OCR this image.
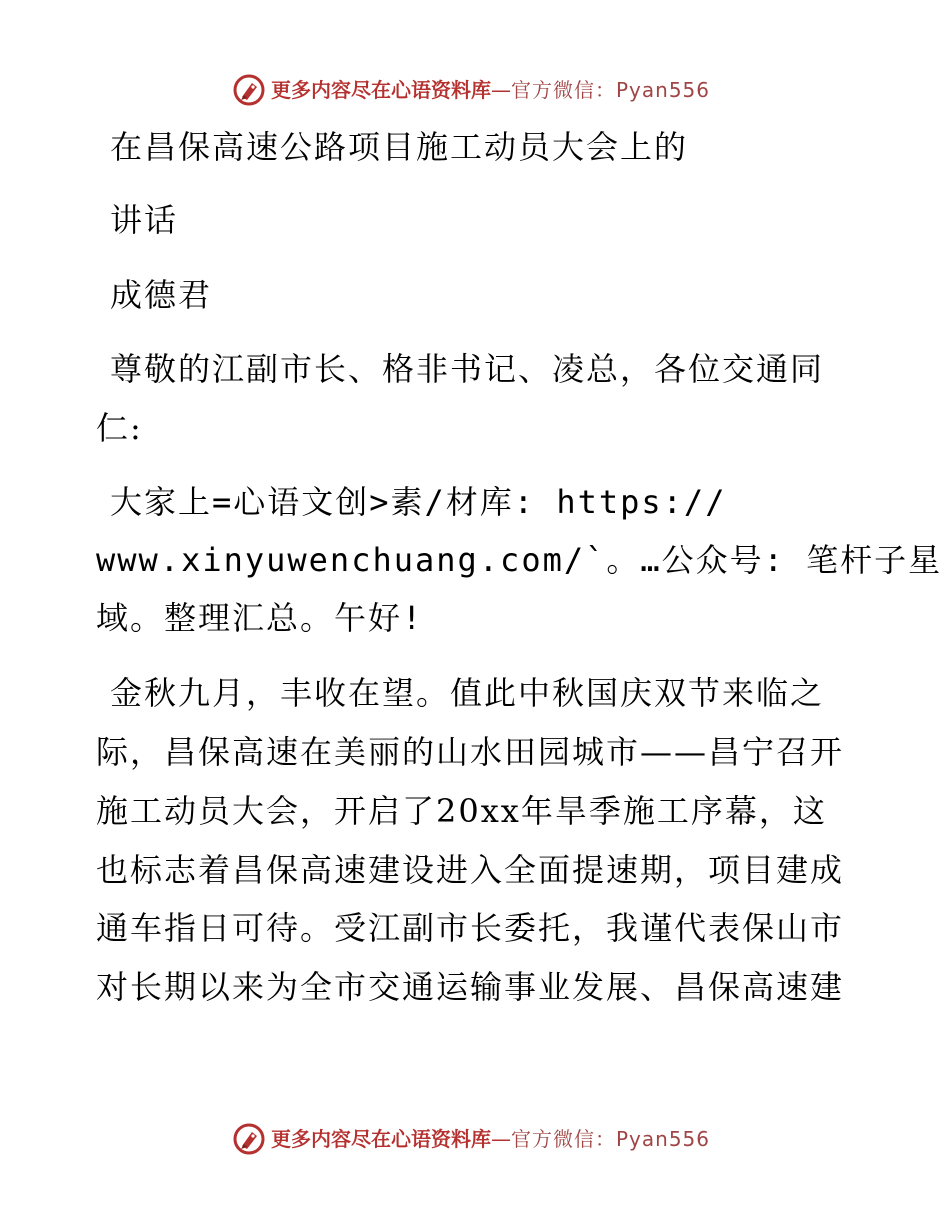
更多内容尽在心语资料库—官方微信：Pyan556

在昌保高速公路项目施工动员大会上的

讲话

成德君

尊敬的江副市长、格非书记、凌总，各位交通同

仁:

大家上=心语文创>素/材库: https://

www.xinyuwenchuang.com/`。…公众号: 笔杆子星

域。整理汇总。午好!

金秋九月，丰收在望。值此中秋国庆双节来临之

际，昌保高速在美丽的山水田园城市——昌宁召开

施工动员大会，开启了20xx年旱季施工序幕，这

也标志着昌保高速建设进入全面提速期，项目建成

通车指日可待。受江副市长委托，我谨代表保山市

对长期以来为全市交通运输事业发展、昌保高速建

更多内容尽在心语资料库—官方微信：Pyan556
